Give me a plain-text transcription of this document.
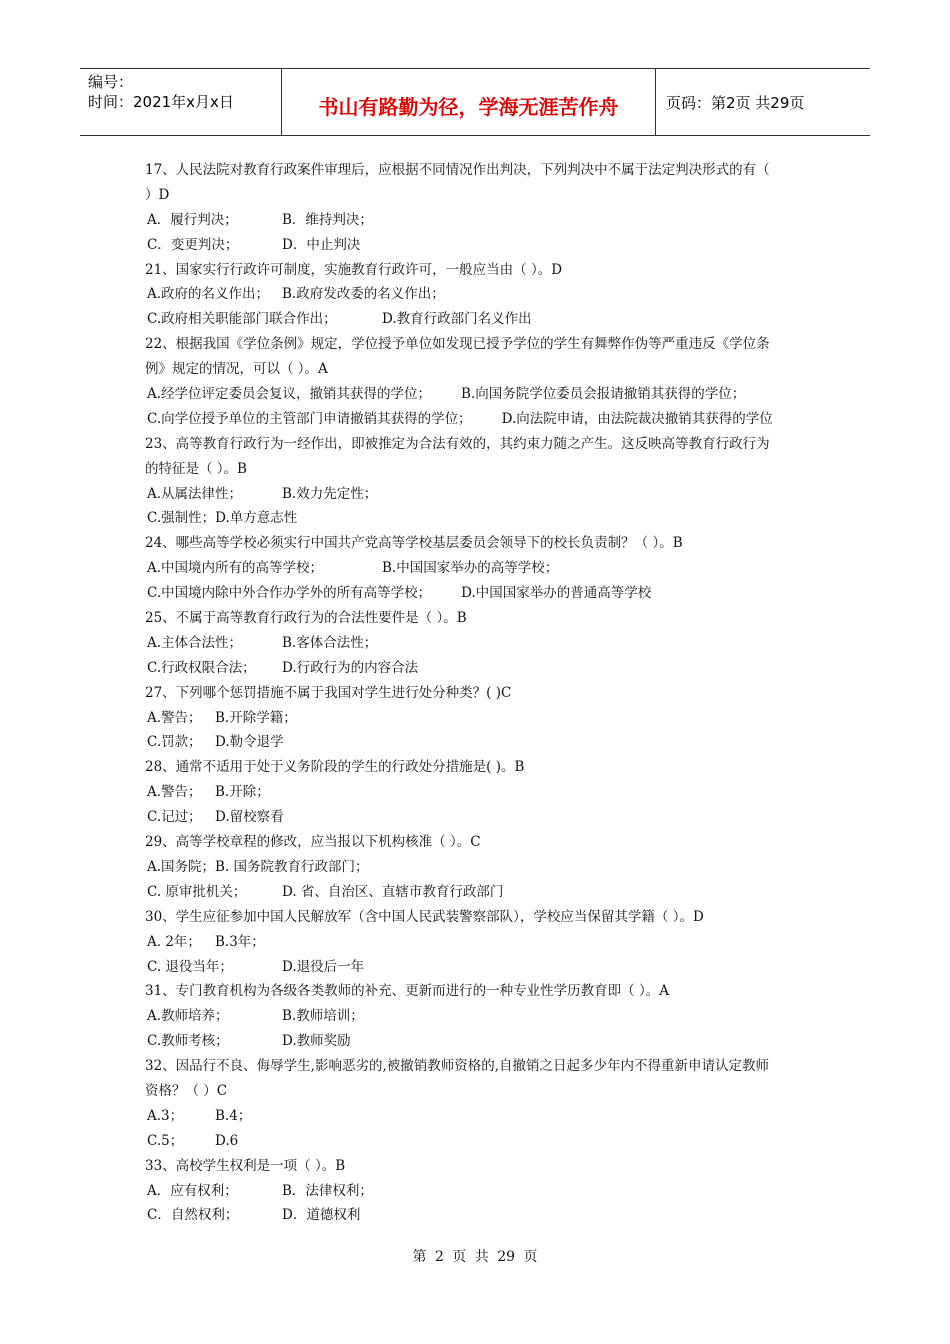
编号：
时间：2021年x月x日	书山有路勤为径，学海无涯苦作舟	页码：第2页 共29页
17、人民法院对教育行政案件审理后，应根据不同情况作出判决，下列判决中不属于法定判决形式的有（
）D
A．履行判决；	B．维持判决；
C．变更判决；	D．中止判决
21、国家实行行政许可制度，实施教育行政许可，一般应当由（ ）。D
A.政府的名义作出； B.政府发改委的名义作出；
C.政府相关职能部门联合作出；	D.教育行政部门名义作出
22、根据我国《学位条例》规定，学位授予单位如发现已授予学位的学生有舞弊作伪等严重违反《学位条
例》规定的情况，可以（ ）。A
A.经学位评定委员会复议，撤销其获得的学位； B.向国务院学位委员会报请撤销其获得的学位；
C.向学位授予单位的主管部门申请撤销其获得的学位； D.向法院申请，由法院裁决撤销其获得的学位
23、高等教育行政行为一经作出，即被推定为合法有效的，其约束力随之产生。这反映高等教育行政行为
的特征是（ ）。B
A.从属法律性；	B.效力先定性；
C.强制性；D.单方意志性
24、哪些高等学校必须实行中国共产党高等学校基层委员会领导下的校长负责制？（ ）。B
A.中国境内所有的高等学校；	B.中国国家举办的高等学校；
C.中国境内除中外合作办学外的所有高等学校； D.中国国家举办的普通高等学校
25、不属于高等教育行政行为的合法性要件是（ ）。B
A.主体合法性；	B.客体合法性；
C.行政权限合法； D.行政行为的内容合法
27、下列哪个惩罚措施不属于我国对学生进行处分种类？( )C
A.警告； B.开除学籍；
C.罚款； D.勒令退学
28、通常不适用于处于义务阶段的学生的行政处分措施是( )。B
A.警告； B.开除；
C.记过； D.留校察看
29、高等学校章程的修改，应当报以下机构核准（ ）。C
A.国务院；B. 国务院教育行政部门；
C. 原审批机关；	D. 省、自治区、直辖市教育行政部门
30、学生应征参加中国人民解放军（含中国人民武装警察部队），学校应当保留其学籍（ ）。D
A. 2年； B.3年；
C. 退役当年；	D.退役后一年
31、专门教育机构为各级各类教师的补充、更新而进行的一种专业性学历教育即（ ）。A
A.教师培养；	B.教师培训；
C.教师考核；	D.教师奖励
32、因品行不良、侮辱学生,影响恶劣的,被撤销教师资格的,自撤销之日起多少年内不得重新申请认定教师
资格？（ ）C
A.3； B.4；
C.5； D.6
33、高校学生权利是一项（ ）。B
A．应有权利；	B．法律权利；
C．自然权利；	D．道德权利
第 2 页 共 29 页
